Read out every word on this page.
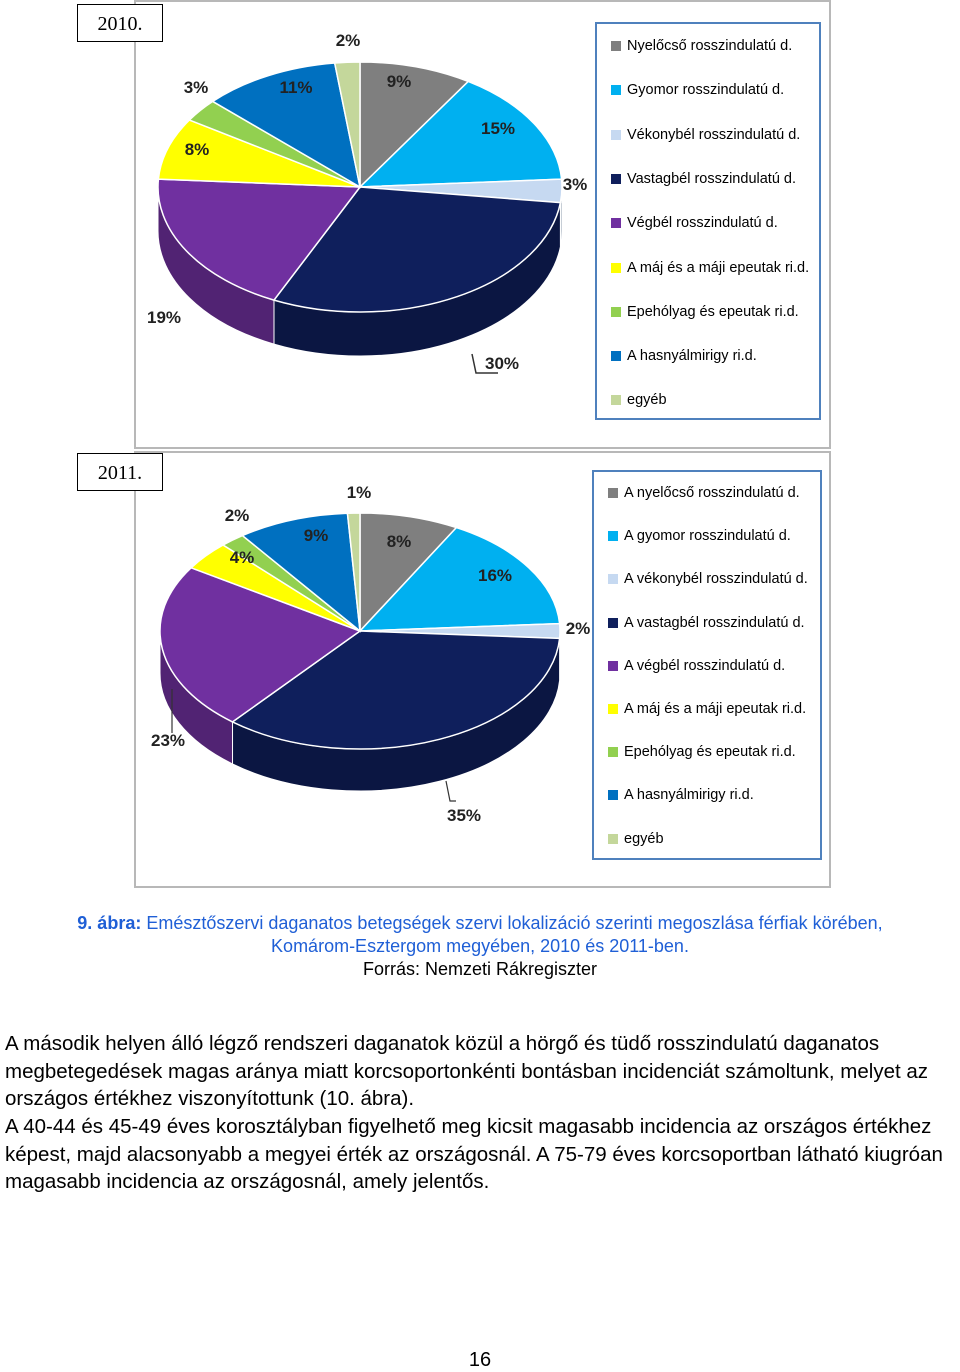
2010.
9%
15%
3%
30%
19%
8%
3%	11%
2%	Nyelőcső rosszindulatú d.
Gyomor rosszindulatú d.
Vékonybél rosszindulatú d.
Vastagbél rosszindulatú d.
Végbél rosszindulatú d.
A máj és a máji epeutak ri.d.
Epehólyag és epeutak ri.d.
A hasnyálmirigy ri.d.
egyéb
2011.
8%
16%
2%
35%
23%
4%
2%
9%
1%	A nyelőcső rosszindulatú d.
A gyomor rosszindulatú d.
A vékonybél rosszindulatú d.
A vastagbél rosszindulatú d.
A végbél rosszindulatú d.
A máj és a máji epeutak ri.d.
Epehólyag és epeutak ri.d.
A hasnyálmirigy ri.d.
egyéb
9. ábra: Emésztőszervi daganatos betegségek szervi lokalizáció szerinti megoszlása férfiak körében,
Komárom-Esztergom megyében, 2010 és 2011-ben.
Forrás: Nemzeti Rákregiszter
A második helyen álló légző rendszeri daganatok közül a hörgő és tüdő rosszindulatú daganatos megbetegedések magas aránya miatt korcsoportonkénti bontásban incidenciát számoltunk, melyet az országos értékhez viszonyítottunk (10. ábra).
A 40-44 és 45-49 éves korosztályban figyelhető meg kicsit magasabb incidencia az országos értékhez képest, majd alacsonyabb a megyei érték az országosnál. A 75-79 éves korcsoportban látható kiugróan magasabb incidencia az országosnál, amely jelentős.
16
